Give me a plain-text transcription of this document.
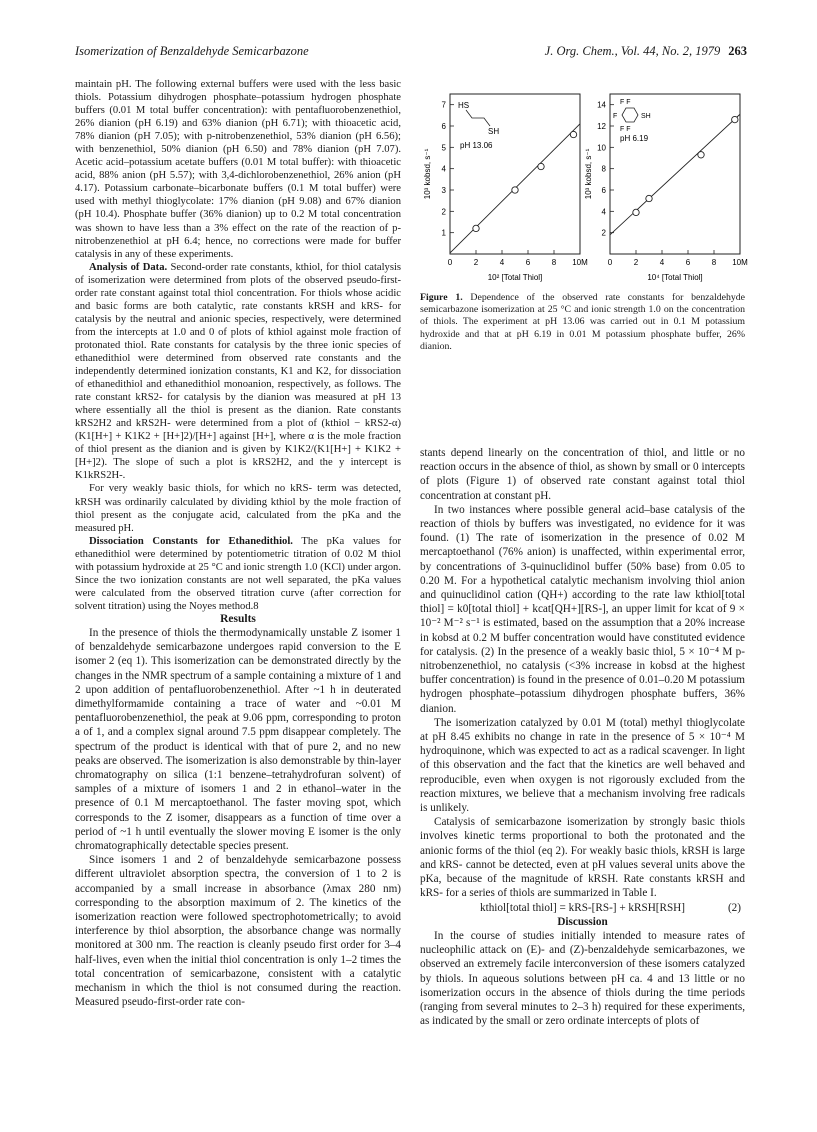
Isomerization of Benzaldehyde Semicarbazone	J. Org. Chem., Vol. 44, No. 2, 1979 263

maintain pH. The following external buffers were used with the less basic thiols. Potassium dihydrogen phosphate–potassium hydrogen phosphate buffers (0.01 M total buffer concentration): with pentafluorobenzenethiol, 26% dianion (pH 6.19) and 63% dianion (pH 6.71); with thioacetic acid, 78% dianion (pH 7.05); with p-nitrobenzenethiol, 53% dianion (pH 6.56); with benzenethiol, 50% dianion (pH 6.50) and 78% dianion (pH 7.07). Acetic acid–potassium acetate buffers (0.01 M total buffer): with thioacetic acid, 88% anion (pH 5.57); with 3,4-dichlorobenzenethiol, 26% anion (pH 4.17). Potassium carbonate–bicarbonate buffers (0.1 M total buffer) were used with methyl thioglycolate: 17% dianion (pH 9.08) and 67% dianion (pH 10.4). Phosphate buffer (36% dianion) up to 0.2 M total concentration was shown to have less than a 3% effect on the rate of the reaction of p-nitrobenzenethiol at pH 6.4; hence, no corrections were made for buffer catalysis in any of these experiments.

Analysis of Data. Second-order rate constants, kthiol, for thiol catalysis of isomerization were determined from plots of the observed pseudo-first-order rate constant against total thiol concentration. For thiols whose acidic and basic forms are both catalytic, rate constants kRSH and kRS- for catalysis by the neutral and anionic species, respectively, were determined from the intercepts at 1.0 and 0 of plots of kthiol against mole fraction of protonated thiol. Rate constants for catalysis by the three ionic species of ethanedithiol were determined from observed rate constants and the independently determined ionization constants, K1 and K2, for dissociation of ethanedithiol and ethanedithiol monoanion, respectively, as follows. The rate constant kRS2- for catalysis by the dianion was measured at pH 13 where essentially all the thiol is present as the dianion. Rate constants kRS2H2 and kRS2H- were determined from a plot of (kthiol − kRS2-α)(K1[H+] + K1K2 + [H+]2)/[H+] against [H+], where α is the mole fraction of thiol present as the dianion and is given by K1K2/(K1[H+] + K1K2 + [H+]2). The slope of such a plot is kRS2H2, and the y intercept is K1kRS2H-.

For very weakly basic thiols, for which no kRS- term was detected, kRSH was ordinarily calculated by dividing kthiol by the mole fraction of thiol present as the conjugate acid, calculated from the pKa and the measured pH.

Dissociation Constants for Ethanedithiol. The pKa values for ethanedithiol were determined by potentiometric titration of 0.02 M thiol with potassium hydroxide at 25 °C and ionic strength 1.0 (KCl) under argon. Since the two ionization constants are not well separated, the pKa values were calculated from the observed titration curve (after correction for solvent titration) using the Noyes method.8

Results

In the presence of thiols the thermodynamically unstable Z isomer 1 of benzaldehyde semicarbazone undergoes rapid conversion to the E isomer 2 (eq 1). This isomerization can be demonstrated directly by the changes in the NMR spectrum of a sample containing a mixture of 1 and 2 upon addition of pentafluorobenzenethiol. After ~1 h in deuterated dimethylformamide containing a trace of water and ~0.01 M pentafluorobenzenethiol, the peak at 9.06 ppm, corresponding to proton a of 1, and a complex signal around 7.5 ppm disappear completely. The spectrum of the product is identical with that of pure 2, and no new peaks are observed. The isomerization is also demonstrable by thin-layer chromatography on silica (1:1 benzene–tetrahydrofuran solvent) of samples of a mixture of isomers 1 and 2 in ethanol–water in the presence of 0.1 M mercaptoethanol. The faster moving spot, which corresponds to the Z isomer, disappears as a function of time over a period of ~1 h until eventually the slower moving E isomer is the only chromatographically detectable species present.

Since isomers 1 and 2 of benzaldehyde semicarbazone possess different ultraviolet absorption spectra, the conversion of 1 to 2 is accompanied by a small increase in absorbance (λmax 280 nm) corresponding to the absorption maximum of 2. The kinetics of the isomerization reaction were followed spectrophotometrically; to avoid interference by thiol absorption, the absorbance change was normally monitored at 300 nm. The reaction is cleanly pseudo first order for 3–4 half-lives, even when the initial thiol concentration is only 1–2 times the total concentration of semicarbazone, consistent with a catalytic mechanism in which the thiol is not consumed during the reaction. Measured pseudo-first-order rate con-

1
2
3
4
5
6
7
0	2	4	6	8 10M
HS
SH
pH 13.06
10³ kobsd, s⁻¹
10² [Total Thiol]
2
4
6
8
10
12
14
0	2	4	6	8 10M
F F
SH
F
F F
pH 6.19
10³ kobsd, s⁻¹
10⁴ [Total Thiol]
Figure 1. Dependence of the observed rate constants for benzaldehyde semicarbazone isomerization at 25 °C and ionic strength 1.0 on the concentration of thiols. The experiment at pH 13.06 was carried out in 0.1 M potassium hydroxide and that at pH 6.19 in 0.01 M potassium phosphate buffer, 26% dianion.

stants depend linearly on the concentration of thiol, and little or no reaction occurs in the absence of thiol, as shown by small or 0 intercepts of plots (Figure 1) of observed rate constant against total thiol concentration at constant pH.

In two instances where possible general acid–base catalysis of the reaction of thiols by buffers was investigated, no evidence for it was found. (1) The rate of isomerization in the presence of 0.02 M mercaptoethanol (76% anion) is unaffected, within experimental error, by concentrations of 3-quinuclidinol buffer (50% base) from 0.05 to 0.20 M. For a hypothetical catalytic mechanism involving thiol anion and quinuclidinol cation (QH+) according to the rate law kthiol[total thiol] = k0[total thiol] + kcat[QH+][RS-], an upper limit for kcat of 9 × 10⁻² M⁻² s⁻¹ is estimated, based on the assumption that a 20% increase in kobsd at 0.2 M buffer concentration would have constituted evidence for catalysis. (2) In the presence of a weakly basic thiol, 5 × 10⁻⁴ M p-nitrobenzenethiol, no catalysis (<3% increase in kobsd at the highest buffer concentration) is found in the presence of 0.01–0.20 M potassium hydrogen phosphate–potassium dihydrogen phosphate buffers, 36% dianion.

The isomerization catalyzed by 0.01 M (total) methyl thioglycolate at pH 8.45 exhibits no change in rate in the presence of 5 × 10⁻⁴ M hydroquinone, which was expected to act as a radical scavenger. In light of this observation and the fact that the kinetics are well behaved and reproducible, even when oxygen is not rigorously excluded from the reaction mixtures, we believe that a mechanism involving free radicals is unlikely.

Catalysis of semicarbazone isomerization by strongly basic thiols involves kinetic terms proportional to both the protonated and the anionic forms of the thiol (eq 2). For weakly basic thiols, kRSH is large and kRS- cannot be detected, even at pH values several units above the pKa, because of the magnitude of kRSH. Rate constants kRSH and kRS- for a series of thiols are summarized in Table I.

kthiol[total thiol] = kRS-[RS-] + kRSH[RSH]	(2)

Discussion

In the course of studies initially intended to measure rates of nucleophilic attack on (E)- and (Z)-benzaldehyde semicarbazones, we observed an extremely facile interconversion of these isomers catalyzed by thiols. In aqueous solutions between pH ca. 4 and 13 little or no isomerization occurs in the absence of thiols during the time periods (ranging from several minutes to 2–3 h) required for these experiments, as indicated by the small or zero ordinate intercepts of plots of
